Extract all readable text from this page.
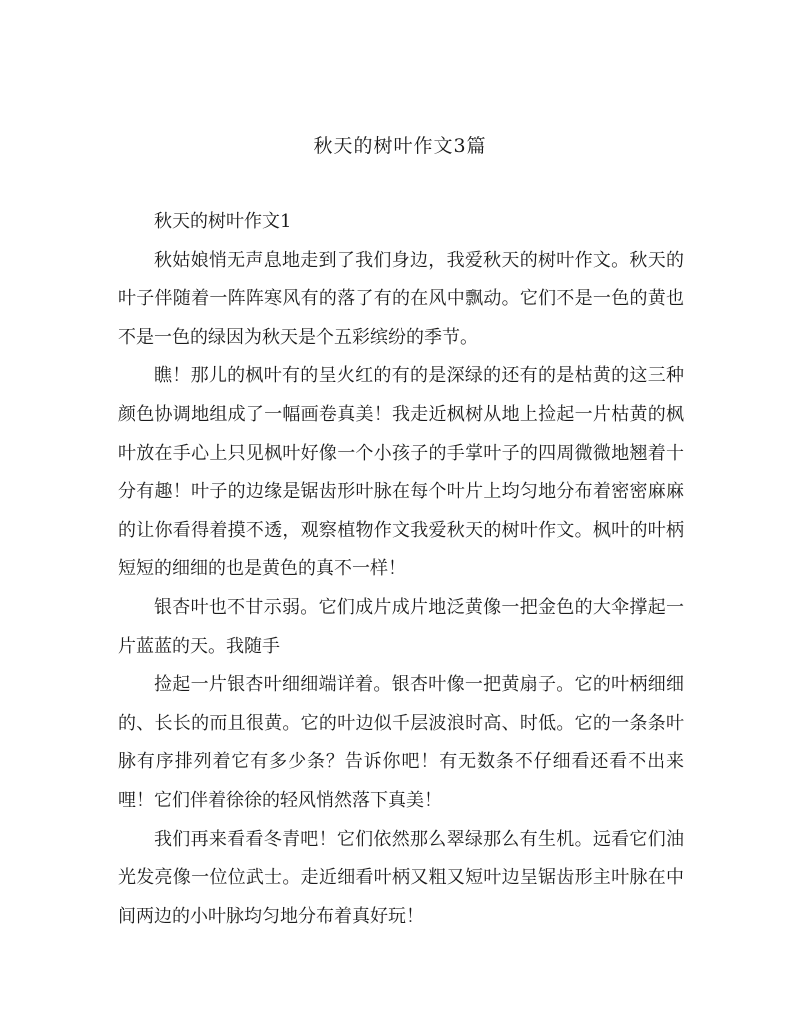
秋天的树叶作文3篇

秋天的树叶作文1

秋姑娘悄无声息地走到了我们身边，我爱秋天的树叶作文。秋天的叶子伴随着一阵阵寒风有的落了有的在风中飘动。它们不是一色的黄也不是一色的绿因为秋天是个五彩缤纷的季节。

瞧！那儿的枫叶有的呈火红的有的是深绿的还有的是枯黄的这三种颜色协调地组成了一幅画卷真美！我走近枫树从地上捡起一片枯黄的枫叶放在手心上只见枫叶好像一个小孩子的手掌叶子的四周微微地翘着十分有趣！叶子的边缘是锯齿形叶脉在每个叶片上均匀地分布着密密麻麻的让你看得着摸不透，观察植物作文我爱秋天的树叶作文。枫叶的叶柄短短的细细的也是黄色的真不一样！

银杏叶也不甘示弱。它们成片成片地泛黄像一把金色的大伞撑起一片蓝蓝的天。我随手

捡起一片银杏叶细细端详着。银杏叶像一把黄扇子。它的叶柄细细的、长长的而且很黄。它的叶边似千层波浪时高、时低。它的一条条叶脉有序排列着它有多少条？告诉你吧！有无数条不仔细看还看不出来哩！它们伴着徐徐的轻风悄然落下真美！

我们再来看看冬青吧！它们依然那么翠绿那么有生机。远看它们油光发亮像一位位武士。走近细看叶柄又粗又短叶边呈锯齿形主叶脉在中间两边的小叶脉均匀地分布着真好玩！
